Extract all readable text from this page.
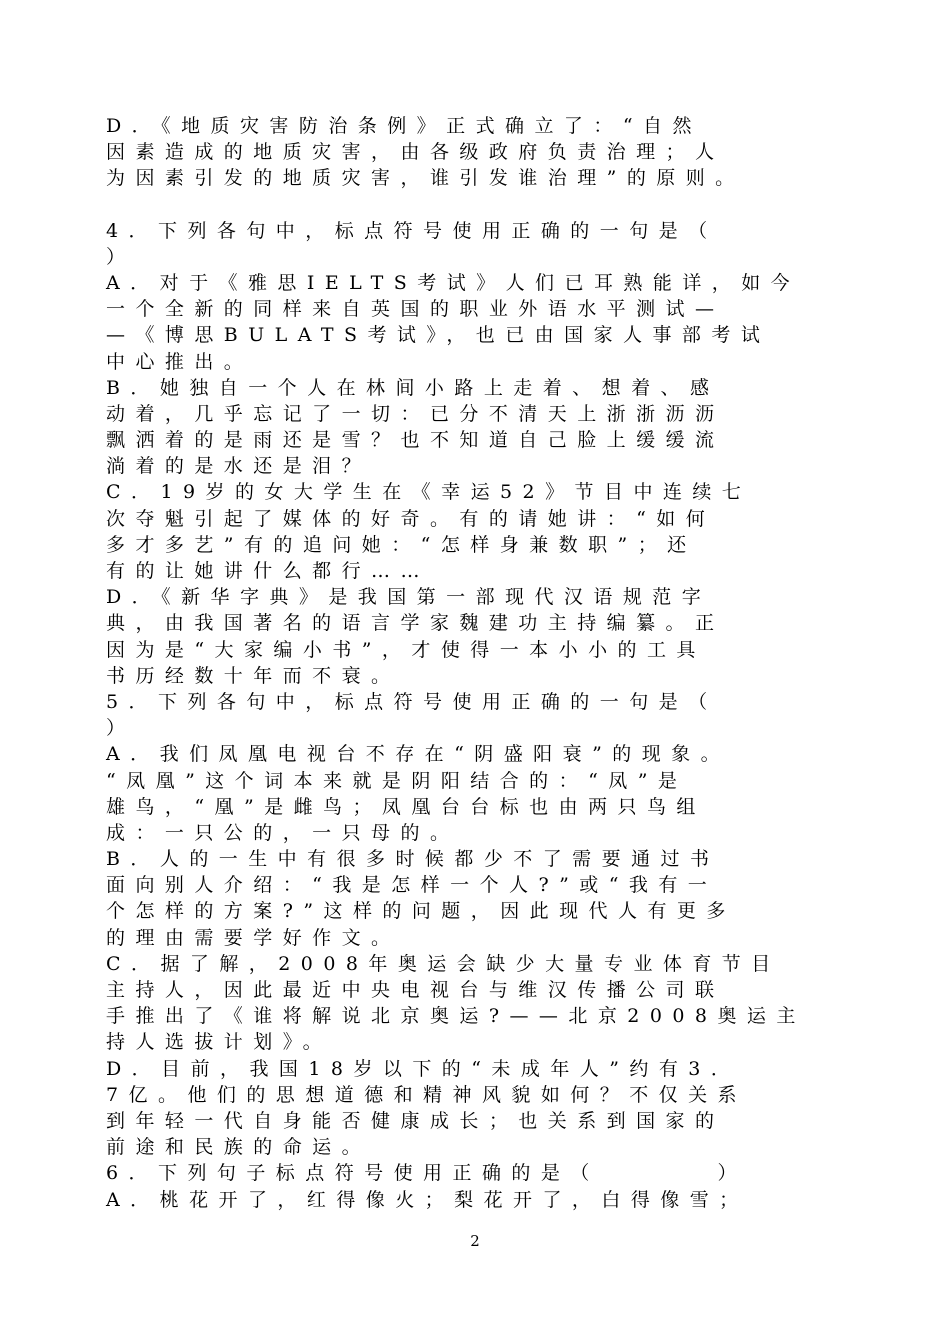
D．《地质灾害防治条例》正式确立了：“自然
因素造成的地质灾害，由各级政府负责治理；人
为因素引发的地质灾害，谁引发谁治理”的原则。
4．下列各句中，标点符号使用正确的一句是（
）
A．对于《雅思IELTS考试》人们已耳熟能详，如今
一个全新的同样来自英国的职业外语水平测试—
—《博思BULATS考试》，也已由国家人事部考试
中心推出。
B．她独自一个人在林间小路上走着、想着、感
动着，几乎忘记了一切：已分不清天上浙浙沥沥
飘洒着的是雨还是雪？也不知道自己脸上缓缓流
淌着的是水还是泪？
C．19岁的女大学生在《幸运52》节目中连续七
次夺魁引起了媒体的好奇。有的请她讲：“如何
多才多艺”有的追问她：“怎样身兼数职”；还
有的让她讲什么都行……
D．《新华字典》是我国第一部现代汉语规范字
典，由我国著名的语言学家魏建功主持编纂。正
因为是“大家编小书”，才使得一本小小的工具
书历经数十年而不衰。
5．下列各句中，标点符号使用正确的一句是（
）
A．我们凤凰电视台不存在“阴盛阳衰”的现象。
“凤凰”这个词本来就是阴阳结合的：“凤”是
雄鸟，“凰”是雌鸟；凤凰台台标也由两只鸟组
成：一只公的，一只母的。
B．人的一生中有很多时候都少不了需要通过书
面向别人介绍：“我是怎样一个人?”或“我有一
个怎样的方案?”这样的问题，因此现代人有更多
的理由需要学好作文。
C．据了解，2008年奥运会缺少大量专业体育节目
主持人，因此最近中央电视台与维汉传播公司联
手推出了《谁将解说北京奥运?——北京2008奥运主
持人选拔计划》。
D．目前，我国18岁以下的“未成年人”约有3．
7亿。他们的思想道德和精神风貌如何？不仅关系
到年轻一代自身能否健康成长；也关系到国家的
前途和民族的命运。
6．下列句子标点符号使用正确的是（　　　　）
A．桃花开了，红得像火；梨花开了，白得像雪；
2
